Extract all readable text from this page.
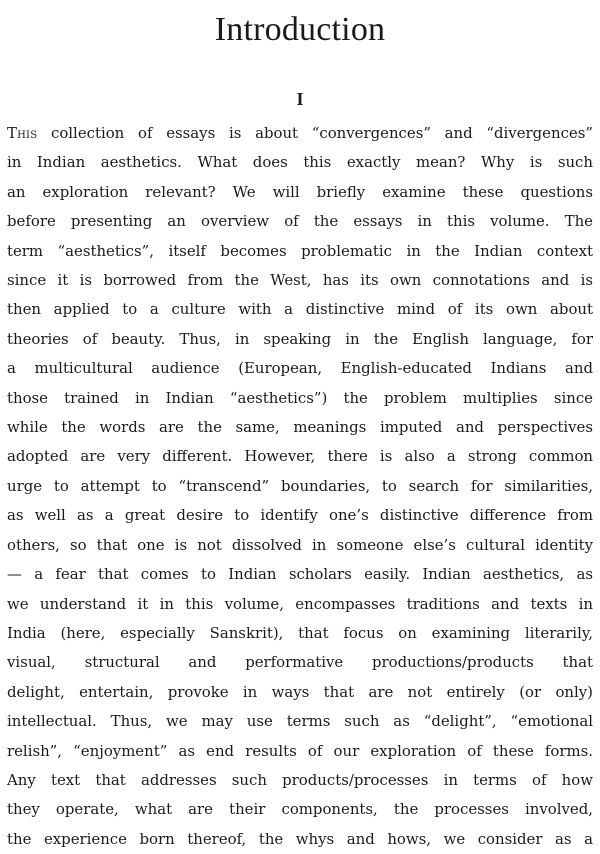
Introduction
I
This collection of essays is about “convergences” and “divergences”
in Indian aesthetics. What does this exactly mean? Why is such
an exploration relevant? We will briefly examine these questions
before presenting an overview of the essays in this volume. The
term “aesthetics”, itself becomes problematic in the Indian context
since it is borrowed from the West, has its own connotations and is
then applied to a culture with a distinctive mind of its own about
theories of beauty. Thus, in speaking in the English language, for
a multicultural audience (European, English-educated Indians and
those trained in Indian “aesthetics”) the problem multiplies since
while the words are the same, meanings imputed and perspectives
adopted are very different. However, there is also a strong common
urge to attempt to “transcend” boundaries, to search for similarities,
as well as a great desire to identify one’s distinctive difference from
others, so that one is not dissolved in someone else’s cultural identity
— a fear that comes to Indian scholars easily. Indian aesthetics, as
we understand it in this volume, encompasses traditions and texts in
India (here, especially Sanskrit), that focus on examining literarily,
visual, structural and performative productions/products that
delight, entertain, provoke in ways that are not entirely (or only)
intellectual. Thus, we may use terms such as “delight”, “emotional
relish”, “enjoyment” as end results of our exploration of these forms.
Any text that addresses such products/processes in terms of how
they operate, what are their components, the processes involved,
the experience born thereof, the whys and hows, we consider as a
